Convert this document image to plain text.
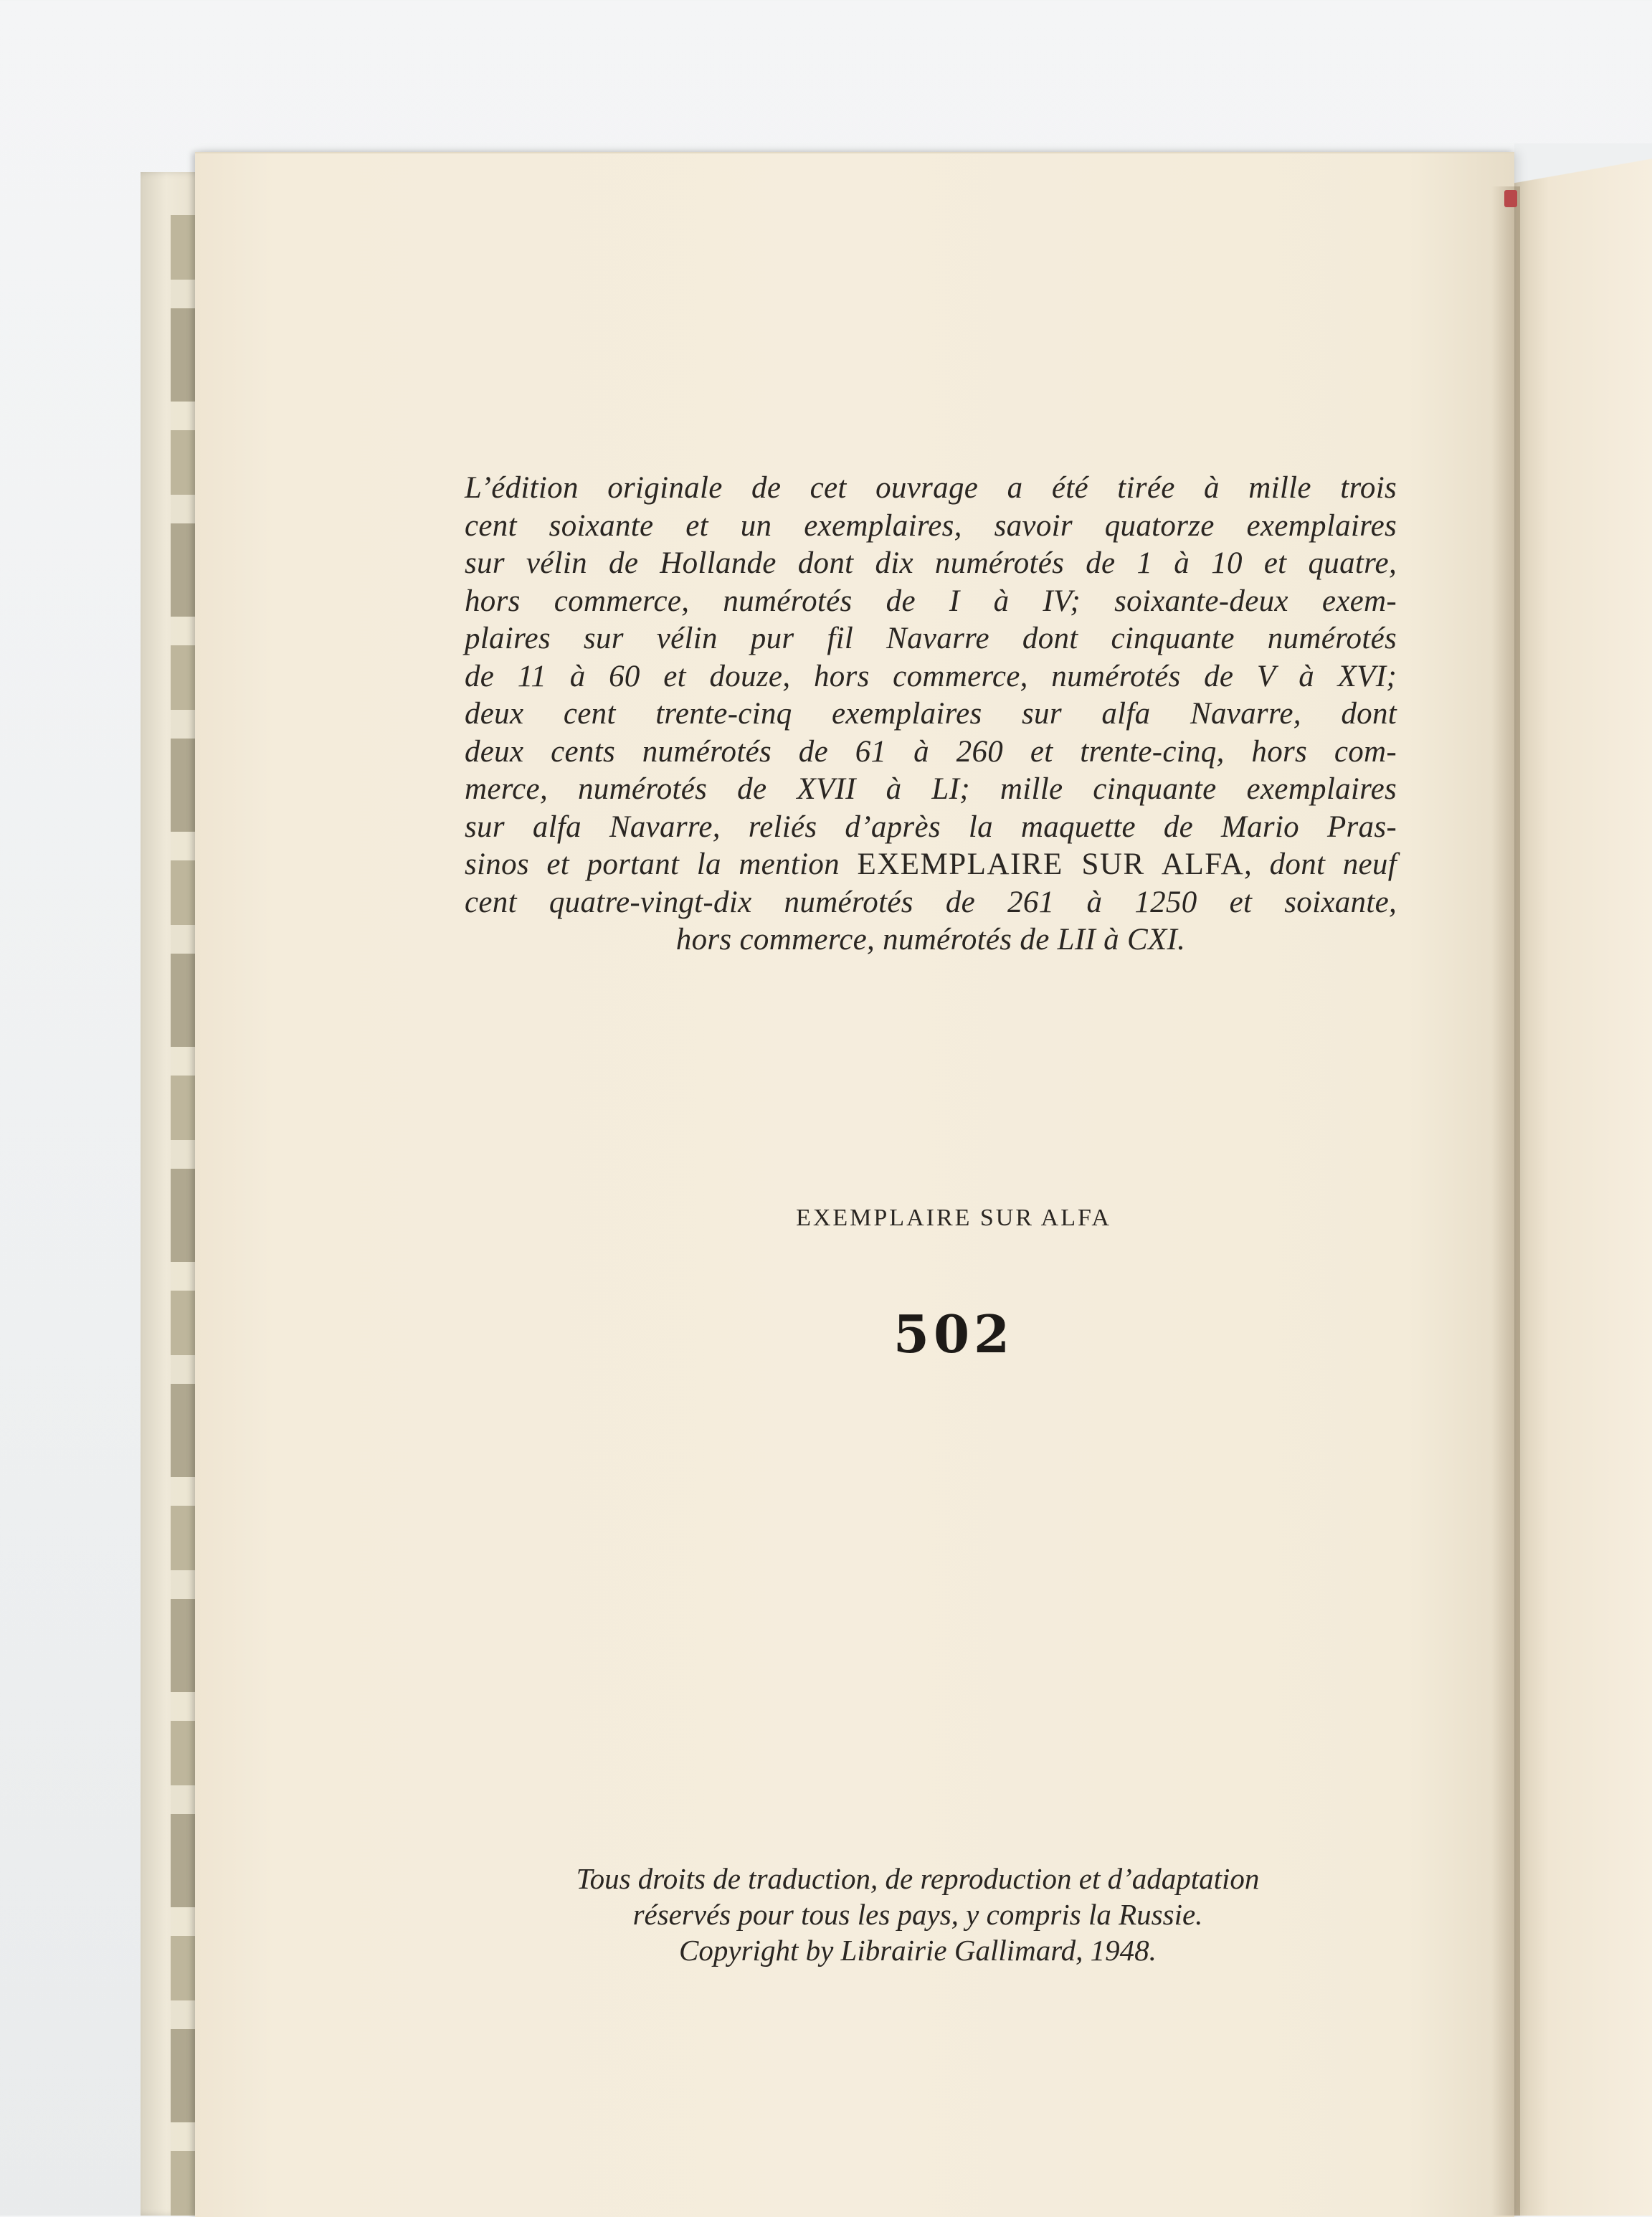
L’édition originale de cet ouvrage a été tirée à mille trois
cent soixante et un exemplaires, savoir quatorze exemplaires
sur vélin de Hollande dont dix numérotés de 1 à 10 et quatre,
hors commerce, numérotés de I à IV; soixante-deux exem-
plaires sur vélin pur fil Navarre dont cinquante numérotés
de 11 à 60 et douze, hors commerce, numérotés de V à XVI;
deux cent trente-cinq exemplaires sur alfa Navarre, dont
deux cents numérotés de 61 à 260 et trente-cinq, hors com-
merce, numérotés de XVII à LI; mille cinquante exemplaires
sur alfa Navarre, reliés d’après la maquette de Mario Pras-
sinos et portant la mention EXEMPLAIRE SUR ALFA, dont neuf
cent quatre-vingt-dix numérotés de 261 à 1250 et soixante,
hors commerce, numérotés de LII à CXI.
EXEMPLAIRE SUR ALFA
502
Tous droits de traduction, de reproduction et d’adaptation
réservés pour tous les pays, y compris la Russie.
Copyright by Librairie Gallimard, 1948.
